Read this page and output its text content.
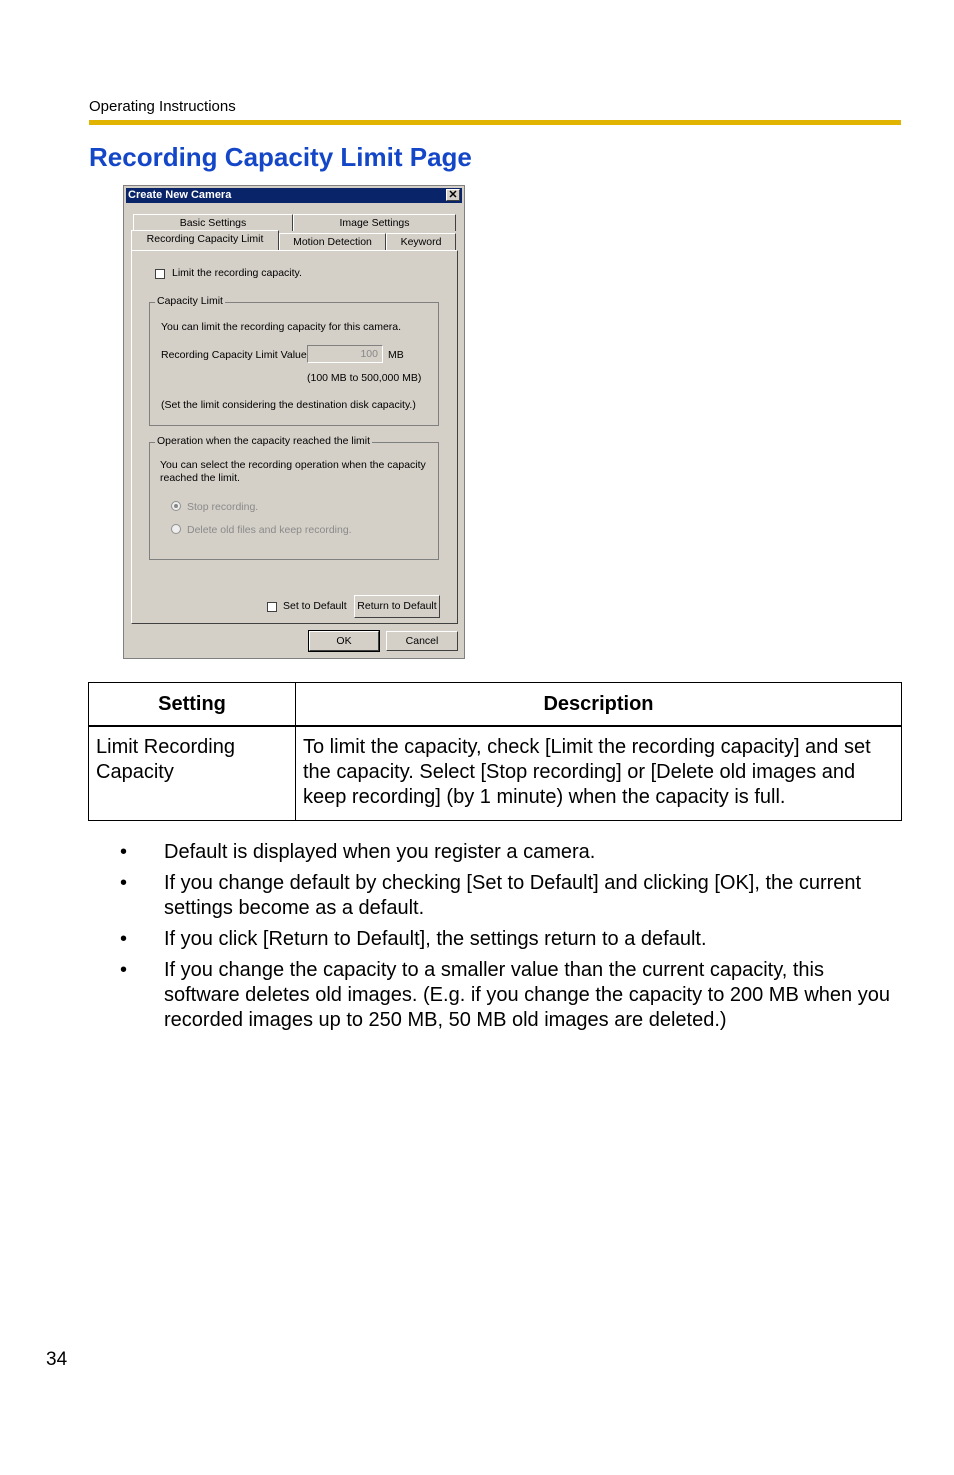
Operating Instructions
Recording Capacity Limit Page
Create New Camera	✕
Basic Settings	Image Settings
Recording Capacity Limit	Motion Detection	Keyword
Limit the recording capacity.
Capacity Limit
You can limit the recording capacity for this camera.
Recording Capacity Limit Value	100 MB
(100 MB to 500,000 MB)
(Set the limit considering the destination disk capacity.)
Operation when the capacity reached the limit
You can select the recording operation when the capacity
reached the limit.
Stop recording.
Delete old files and keep recording.
Set to Default	Return to Default
OK	Cancel
Setting	Description
Limit Recording Capacity	To limit the capacity, check [Limit the recording capacity] and set the capacity. Select [Stop recording] or [Delete old images and keep recording] (by 1 minute) when the capacity is full.
• Default is displayed when you register a camera.
• If you change default by checking [Set to Default] and clicking [OK], the current settings become as a default.
• If you click [Return to Default], the settings return to a default.
• If you change the capacity to a smaller value than the current capacity, this software deletes old images. (E.g. if you change the capacity to 200 MB when you recorded images up to 250 MB, 50 MB old images are deleted.)
34
